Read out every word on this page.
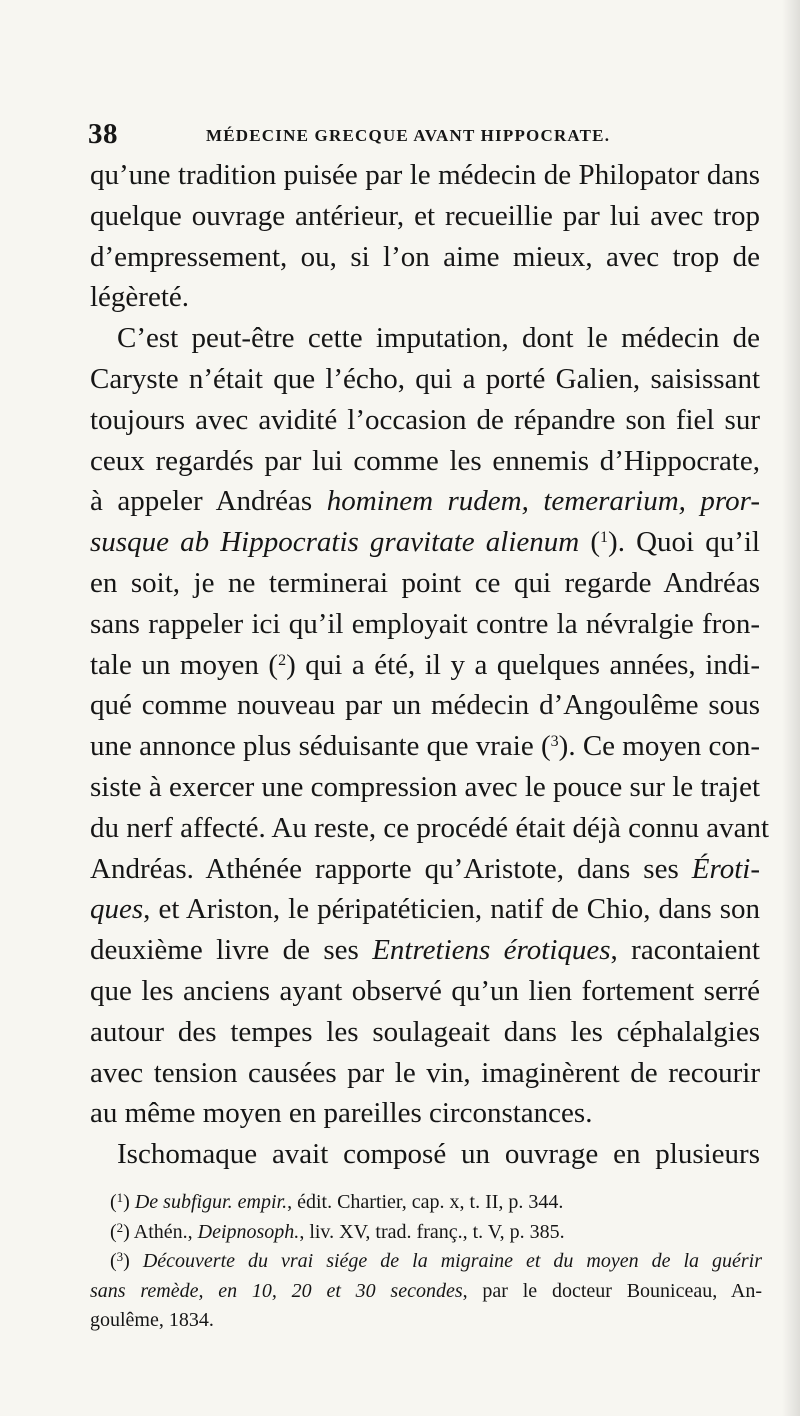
38	MÉDECINE GRECQUE AVANT HIPPOCRATE.
qu’une tradition puisée par le médecin de Philopator dans
quelque ouvrage antérieur, et recueillie par lui avec trop
d’empressement, ou, si l’on aime mieux, avec trop de
légèreté.
C’est peut-être cette imputation, dont le médecin de
Caryste n’était que l’écho, qui a porté Galien, saisissant
toujours avec avidité l’occasion de répandre son fiel sur
ceux regardés par lui comme les ennemis d’Hippocrate,
à appeler Andréas hominem rudem, temerarium, pror-
susque ab Hippocratis gravitate alienum ($^1$). Quoi qu’il
en soit, je ne terminerai point ce qui regarde Andréas
sans rappeler ici qu’il employait contre la névralgie fron-
tale un moyen ($^2$) qui a été, il y a quelques années, indi-
qué comme nouveau par un médecin d’Angoulême sous
une annonce plus séduisante que vraie ($^3$). Ce moyen con-
siste à exercer une compression avec le pouce sur le trajet
du nerf affecté. Au reste, ce procédé était déjà connu avant
Andréas. Athénée rapporte qu’Aristote, dans ses Éroti-
ques, et Ariston, le péripatéticien, natif de Chio, dans son
deuxième livre de ses Entretiens érotiques, racontaient
que les anciens ayant observé qu’un lien fortement serré
autour des tempes les soulageait dans les céphalalgies
avec tension causées par le vin, imaginèrent de recourir
au même moyen en pareilles circonstances.
Ischomaque avait composé un ouvrage en plusieurs
($^1$) De subfigur. empir., édit. Chartier, cap. x, t. II, p. 344.
($^2$) Athén., Deipnosoph., liv. XV, trad. franç., t. V, p. 385.
($^3$) Découverte du vrai siége de la migraine et du moyen de la guérir
sans remède, en 10, 20 et 30 secondes, par le docteur Bouniceau, An-
goulême, 1834.
